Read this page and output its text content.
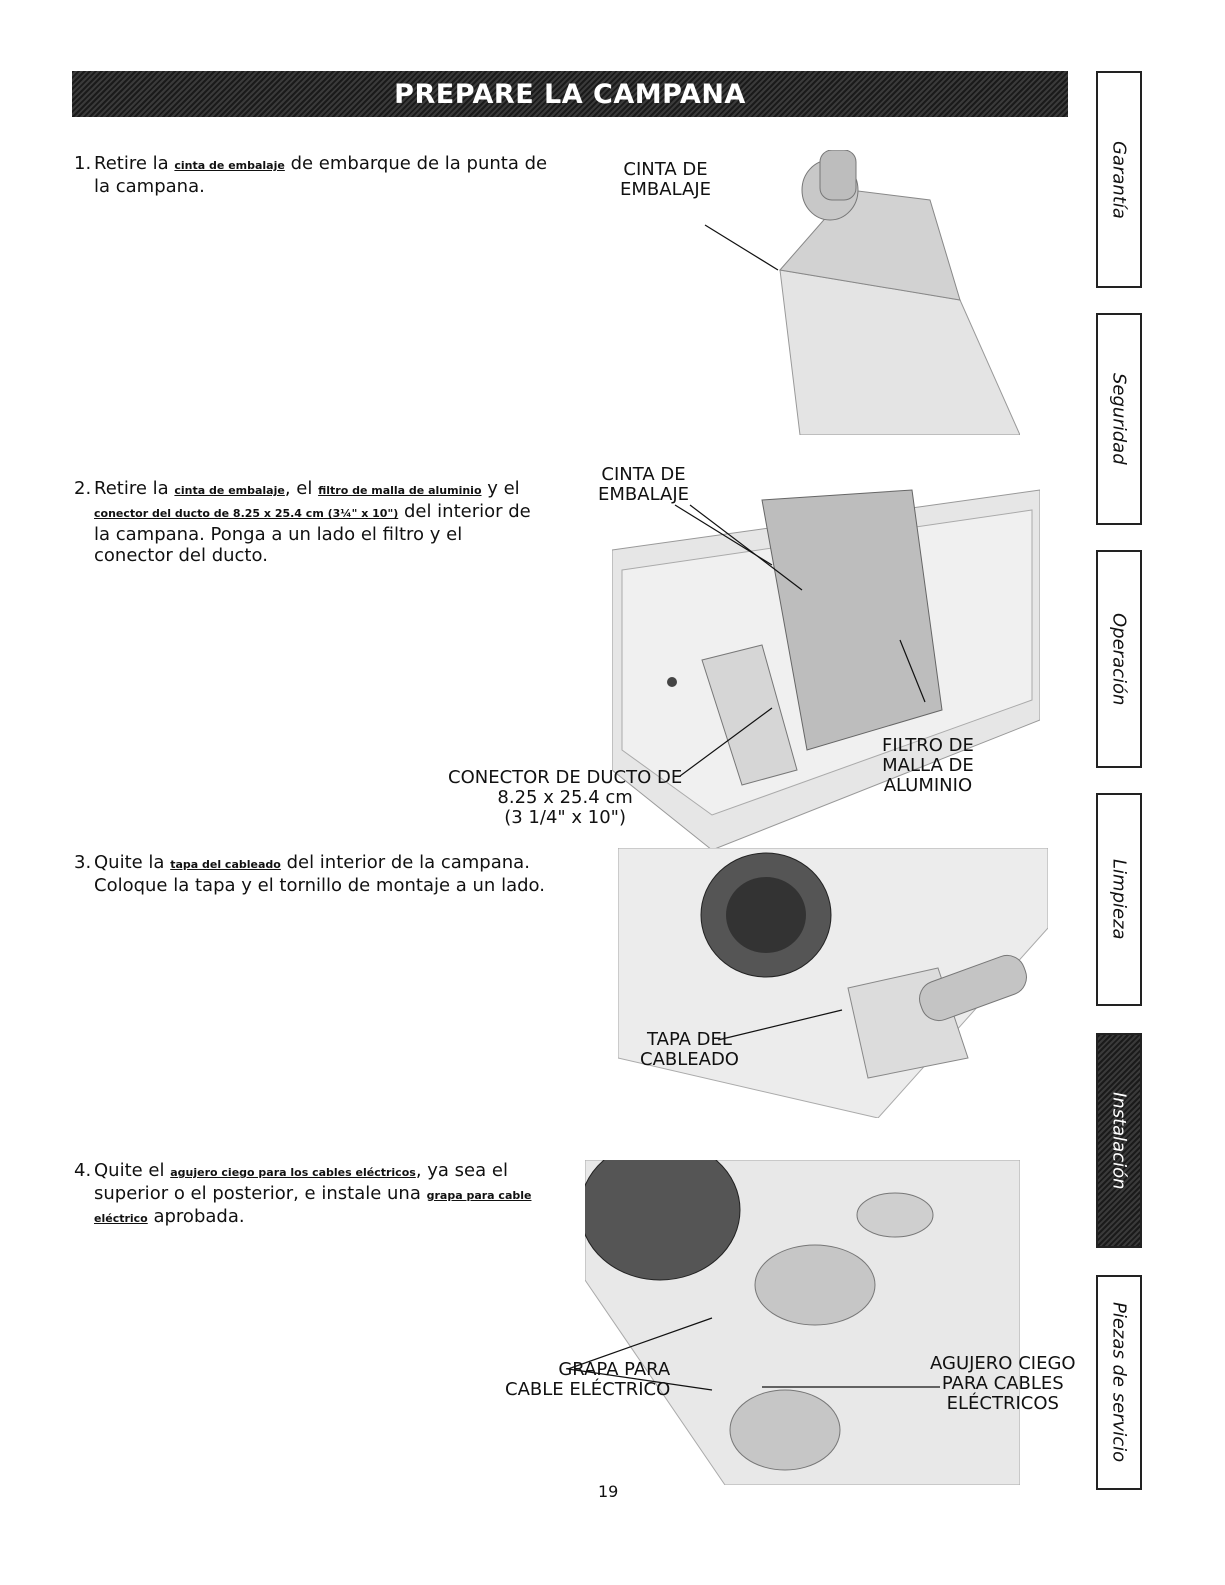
PREPARE LA CAMPANA
1. Retire la cinta de embalaje de embarque de la punta de la campana.
2. Retire la cinta de embalaje, el filtro de malla de aluminio y el conector del ducto de 8.25 x 25.4 cm (3¼" x 10") del interior de la campana. Ponga a un lado el filtro y el conector del ducto.
3. Quite la tapa del cableado del interior de la campana. Coloque la tapa y el tornillo de montaje a un lado.
4. Quite el agujero ciego para los cables eléctricos, ya sea el superior o el posterior, e instale una grapa para cable eléctrico aprobada.
CINTA DE
EMBALAJE
CINTA DE
EMBALAJE
FILTRO DE
MALLA DE
ALUMINIO
CONECTOR DE DUCTO DE
8.25 x 25.4 cm
(3 1/4" x 10")
TAPA DEL
CABLEADO
GRAPA PARA
CABLE ELÉCTRICO
AGUJERO CIEGO
PARA CABLES
ELÉCTRICOS
Garantía
Seguridad
Operación
Limpieza
Instalación
Piezas de servicio
19
